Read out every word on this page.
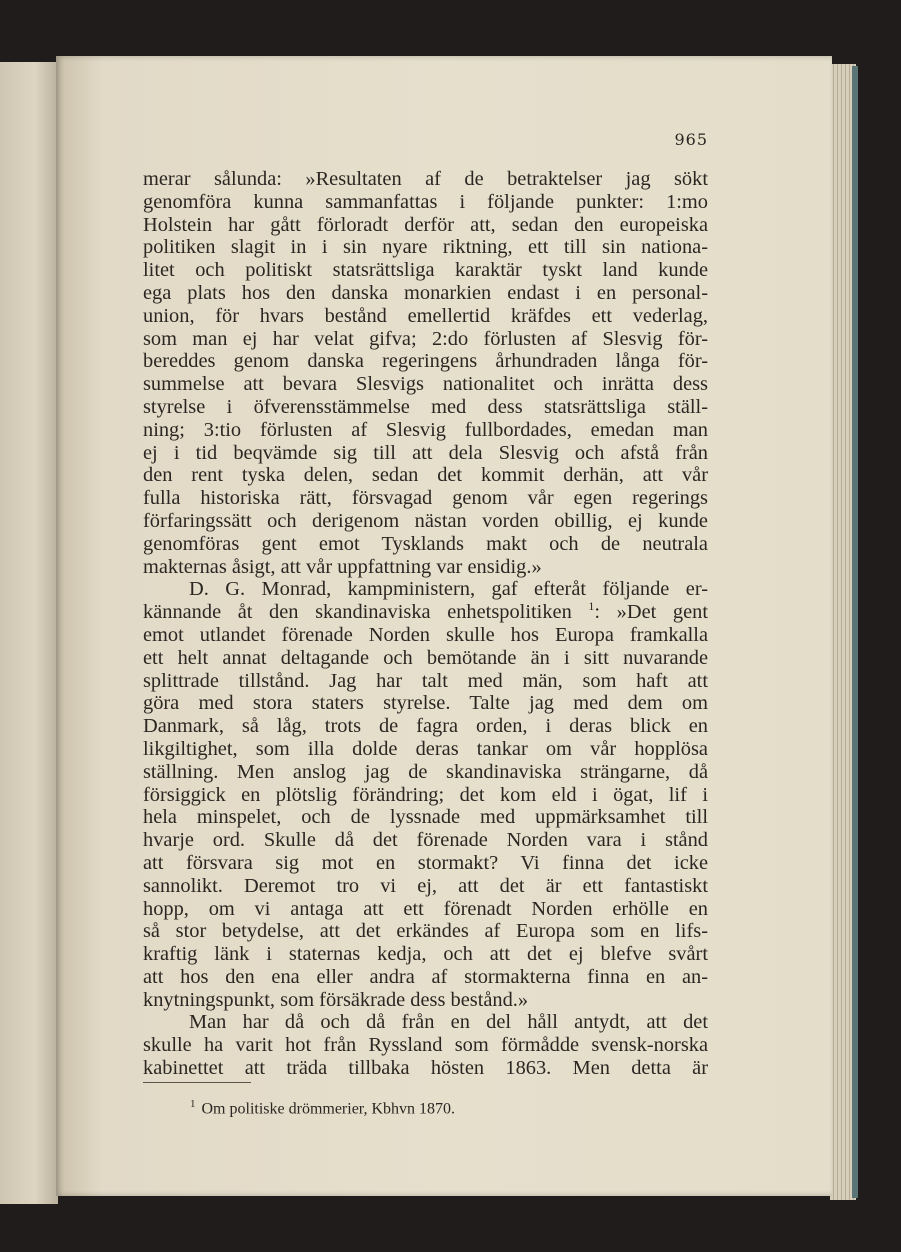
965
merar sålunda: »Resultaten af de betraktelser jag sökt
genomföra kunna sammanfattas i följande punkter: 1:mo
Holstein har gått förloradt derför att, sedan den europeiska
politiken slagit in i sin nyare riktning, ett till sin nationa-
litet och politiskt statsrättsliga karaktär tyskt land kunde
ega plats hos den danska monarkien endast i en personal-
union, för hvars bestånd emellertid kräfdes ett vederlag,
som man ej har velat gifva; 2:do förlusten af Slesvig för-
bereddes genom danska regeringens århundraden långa för-
summelse att bevara Slesvigs nationalitet och inrätta dess
styrelse i öfverensstämmelse med dess statsrättsliga ställ-
ning; 3:tio förlusten af Slesvig fullbordades, emedan man
ej i tid beqvämde sig till att dela Slesvig och afstå från
den rent tyska delen, sedan det kommit derhän, att vår
fulla historiska rätt, försvagad genom vår egen regerings
förfaringssätt och derigenom nästan vorden obillig, ej kunde
genomföras gent emot Tysklands makt och de neutrala
makternas åsigt, att vår uppfattning var ensidig.»
D. G. Monrad, kampministern, gaf efteråt följande er-
kännande åt den skandinaviska enhetspolitiken $^1$: »Det gent
emot utlandet förenade Norden skulle hos Europa framkalla
ett helt annat deltagande och bemötande än i sitt nuvarande
splittrade tillstånd. Jag har talt med män, som haft att
göra med stora staters styrelse. Talte jag med dem om
Danmark, så låg, trots de fagra orden, i deras blick en
likgiltighet, som illa dolde deras tankar om vår hopplösa
ställning. Men anslog jag de skandinaviska strängarne, då
försiggick en plötslig förändring; det kom eld i ögat, lif i
hela minspelet, och de lyssnade med uppmärksamhet till
hvarje ord. Skulle då det förenade Norden vara i stånd
att försvara sig mot en stormakt? Vi finna det icke
sannolikt. Deremot tro vi ej, att det är ett fantastiskt
hopp, om vi antaga att ett förenadt Norden erhölle en
så stor betydelse, att det erkändes af Europa som en lifs-
kraftig länk i staternas kedja, och att det ej blefve svårt
att hos den ena eller andra af stormakterna finna en an-
knytningspunkt, som försäkrade dess bestånd.»
Man har då och då från en del håll antydt, att det
skulle ha varit hot från Ryssland som förmådde svensk-norska
kabinettet att träda tillbaka hösten 1863. Men detta är
$^1$ Om politiske drömmerier, Kbhvn 1870.
